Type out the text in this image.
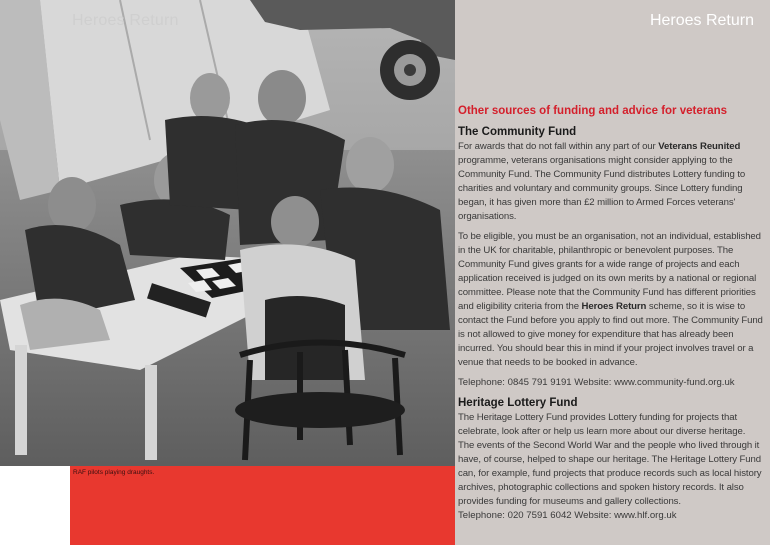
Heroes Return
RAF pilots playing draughts.
Heroes Return
Other sources of funding and advice for veterans
The Community Fund
For awards that do not fall within any part of our Veterans Reunited programme, veterans organisations might consider applying to the Community Fund. The Community Fund distributes Lottery funding to charities and voluntary and community groups. Since Lottery funding began, it has given more than £2 million to Armed Forces veterans' organisations.
To be eligible, you must be an organisation, not an individual, established in the UK for charitable, philanthropic or benevolent purposes. The Community Fund gives grants for a wide range of projects and each application received is judged on its own merits by a national or regional committee. Please note that the Community Fund has different priorities and eligibility criteria from the Heroes Return scheme, so it is wise to contact the Fund before you apply to find out more. The Community Fund is not allowed to give money for expenditure that has already been incurred. You should bear this in mind if your project involves travel or a venue that needs to be booked in advance.
Telephone: 0845 791 9191 Website: www.community-fund.org.uk
Heritage Lottery Fund
The Heritage Lottery Fund provides Lottery funding for projects that celebrate, look after or help us learn more about our diverse heritage. The events of the Second World War and the people who lived through it have, of course, helped to shape our heritage. The Heritage Lottery Fund can, for example, fund projects that produce records such as local history archives, photographic collections and spoken history records. It also provides funding for museums and gallery collections.
Telephone: 020 7591 6042 Website: www.hlf.org.uk
